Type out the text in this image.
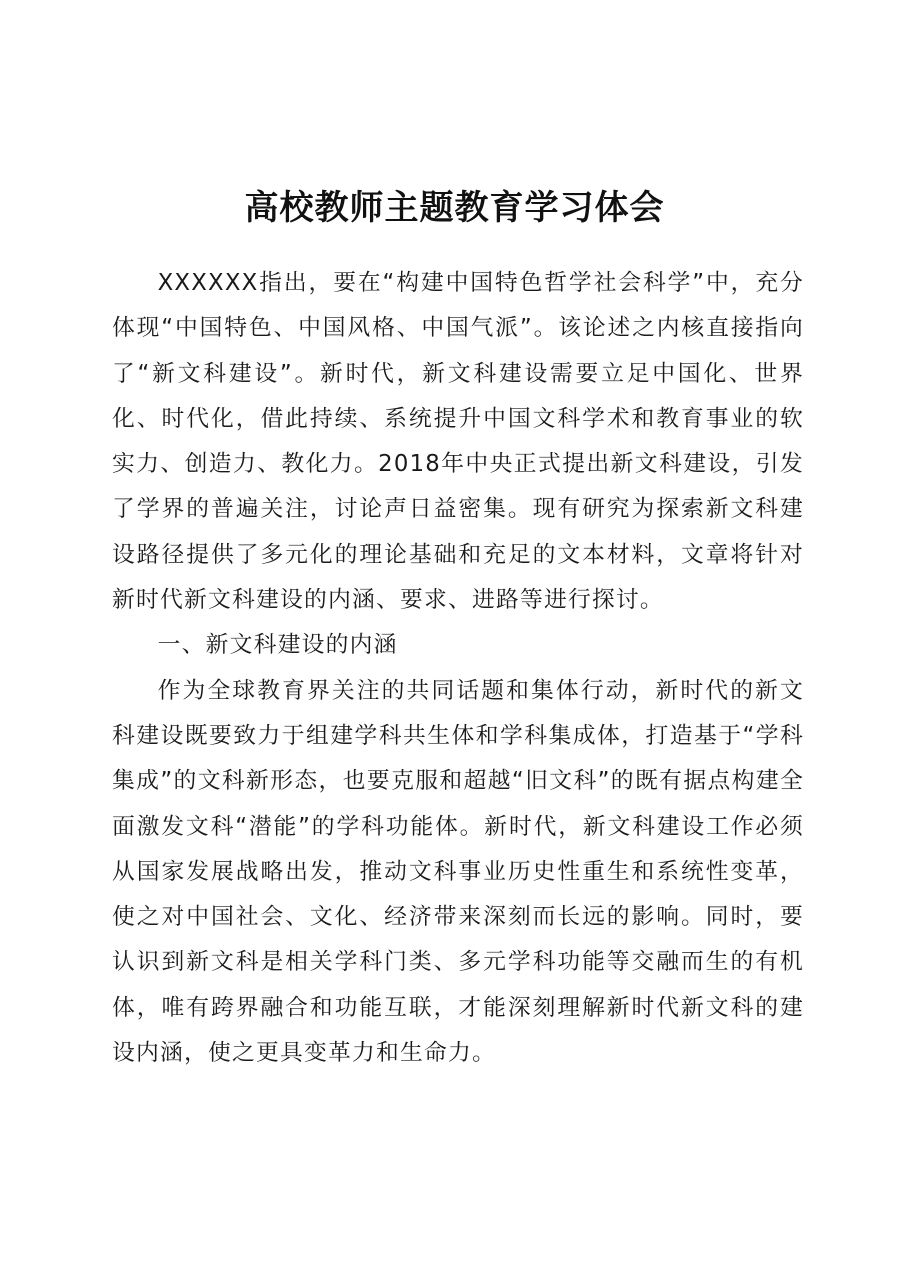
高校教师主题教育学习体会

XXXXXX指出，要在“构建中国特色哲学社会科学”中，充分体现“中国特色、中国风格、中国气派”。该论述之内核直接指向了“新文科建设”。新时代，新文科建设需要立足中国化、世界化、时代化，借此持续、系统提升中国文科学术和教育事业的软实力、创造力、教化力。2018年中央正式提出新文科建设，引发了学界的普遍关注，讨论声日益密集。现有研究为探索新文科建设路径提供了多元化的理论基础和充足的文本材料，文章将针对新时代新文科建设的内涵、要求、进路等进行探讨。

一、新文科建设的内涵

作为全球教育界关注的共同话题和集体行动，新时代的新文科建设既要致力于组建学科共生体和学科集成体，打造基于“学科集成”的文科新形态，也要克服和超越“旧文科”的既有据点构建全面激发文科“潜能”的学科功能体。新时代，新文科建设工作必须从国家发展战略出发，推动文科事业历史性重生和系统性变革，使之对中国社会、文化、经济带来深刻而长远的影响。同时，要认识到新文科是相关学科门类、多元学科功能等交融而生的有机体，唯有跨界融合和功能互联，才能深刻理解新时代新文科的建设内涵，使之更具变革力和生命力。
